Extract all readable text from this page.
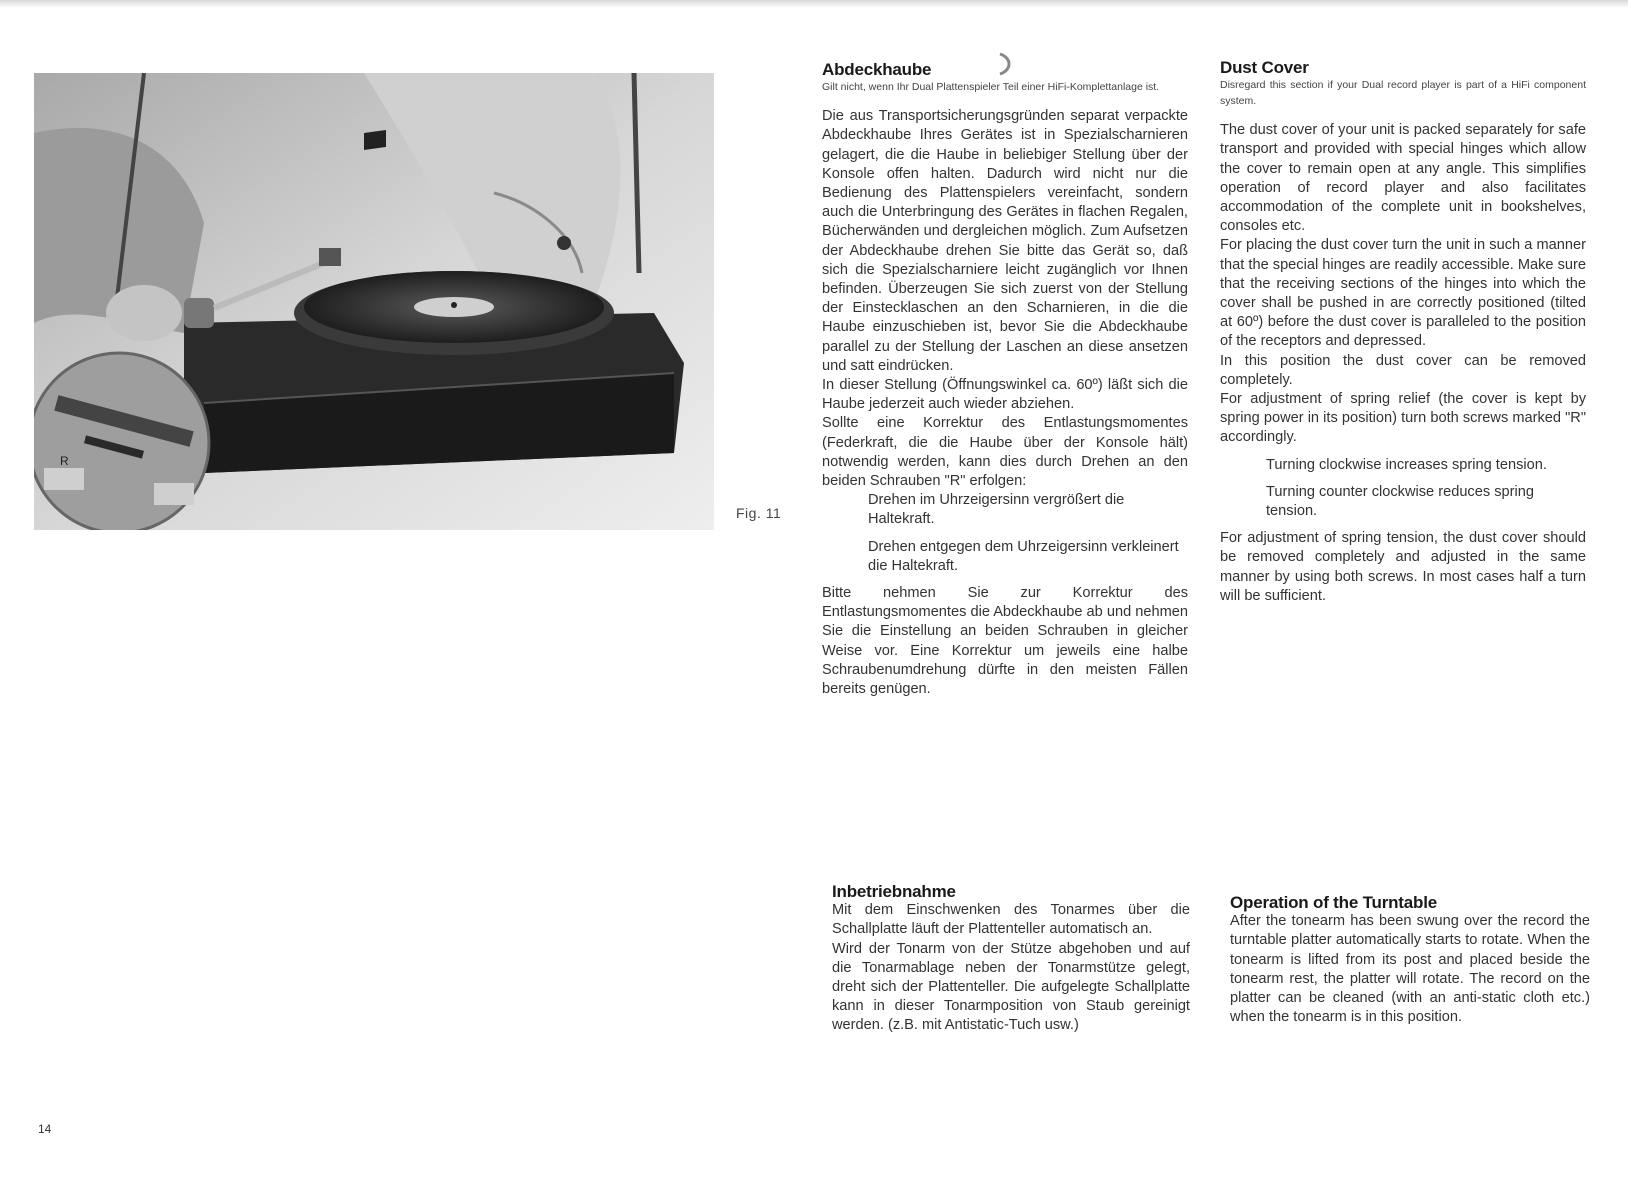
R
Fig. 11

Abdeckhaube

Gilt nicht, wenn Ihr Dual Plattenspieler Teil einer HiFi-Komplettanlage ist.

Die aus Transportsicherungsgründen separat verpackte Abdeckhaube Ihres Gerätes ist in Spezialscharnieren gelagert, die die Haube in beliebiger Stellung über der Konsole offen halten. Dadurch wird nicht nur die Bedienung des Plattenspielers vereinfacht, sondern auch die Unterbringung des Gerätes in flachen Regalen, Bücherwänden und dergleichen möglich. Zum Aufsetzen der Abdeckhaube drehen Sie bitte das Gerät so, daß sich die Spezialscharniere leicht zugänglich vor Ihnen befinden. Überzeugen Sie sich zuerst von der Stellung der Einstecklaschen an den Scharnieren, in die die Haube einzuschieben ist, bevor Sie die Abdeckhaube parallel zu der Stellung der Laschen an diese ansetzen und satt eindrücken.

In dieser Stellung (Öffnungswinkel ca. 60º) läßt sich die Haube jederzeit auch wieder abziehen.

Sollte eine Korrektur des Entlastungsmomentes (Federkraft, die die Haube über der Konsole hält) notwendig werden, kann dies durch Drehen an den beiden Schrauben "R" erfolgen:

Drehen im Uhrzeigersinn vergrößert die Haltekraft.

Drehen entgegen dem Uhrzeigersinn verkleinert die Haltekraft.

Bitte nehmen Sie zur Korrektur des Entlastungsmomentes die Abdeckhaube ab und nehmen Sie die Einstellung an beiden Schrauben in gleicher Weise vor. Eine Korrektur um jeweils eine halbe Schraubenumdrehung dürfte in den meisten Fällen bereits genügen.

Dust Cover

Disregard this section if your Dual record player is part of a HiFi component system.

The dust cover of your unit is packed separately for safe transport and provided with special hinges which allow the cover to remain open at any angle. This simplifies operation of record player and also facilitates accommodation of the complete unit in bookshelves, consoles etc.

For placing the dust cover turn the unit in such a manner that the special hinges are readily accessible. Make sure that the receiving sections of the hinges into which the cover shall be pushed in are correctly positioned (tilted at 60º) before the dust cover is paralleled to the position of the receptors and depressed.

In this position the dust cover can be removed completely.

For adjustment of spring relief (the cover is kept by spring power in its position) turn both screws marked "R" accordingly.

Turning clockwise increases spring tension.

Turning counter clockwise reduces spring tension.

For adjustment of spring tension, the dust cover should be removed completely and adjusted in the same manner by using both screws. In most cases half a turn will be sufficient.

Inbetriebnahme

Mit dem Einschwenken des Tonarmes über die Schallplatte läuft der Plattenteller automatisch an.

Wird der Tonarm von der Stütze abgehoben und auf die Tonarmablage neben der Tonarmstütze gelegt, dreht sich der Plattenteller. Die aufgelegte Schallplatte kann in dieser Tonarmposition von Staub gereinigt werden. (z.B. mit Antistatic-Tuch usw.)

Operation of the Turntable

After the tonearm has been swung over the record the turntable platter automatically starts to rotate. When the tonearm is lifted from its post and placed beside the tonearm rest, the platter will rotate. The record on the platter can be cleaned (with an anti-static cloth etc.) when the tonearm is in this position.

14
